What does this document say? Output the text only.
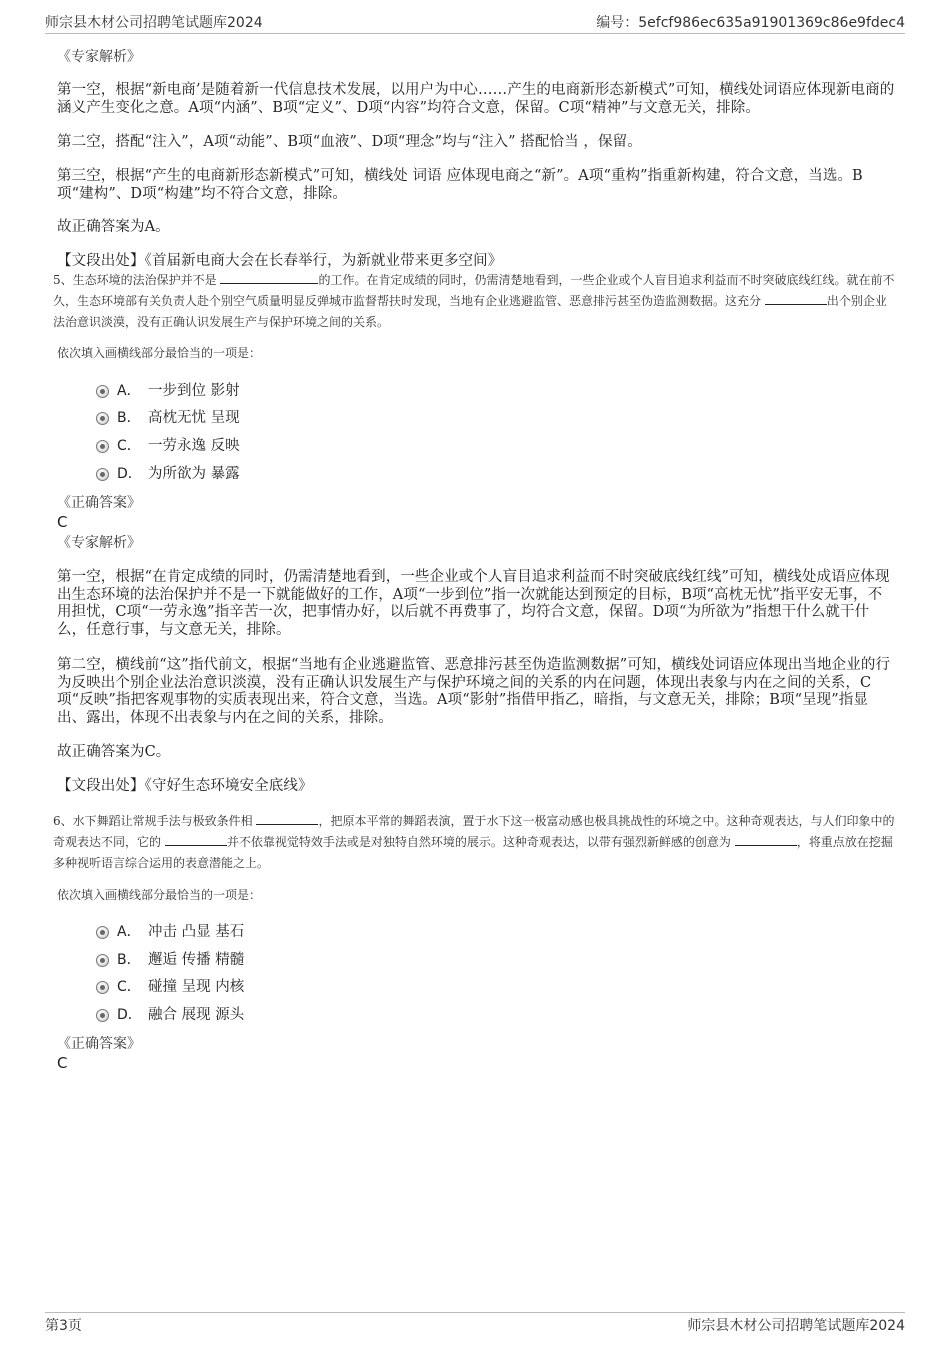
师宗县木材公司招聘笔试题库2024	编号：5efcf986ec635a91901369c86e9fdec4

《专家解析》

第一空，根据“新电商’是随着新一代信息技术发展，以用户为中心……产生的电商新形态新模式”可知，横线处词语应体现新电商的涵义产生变化之意。A项“内涵”、B项“定义”、D项“内容”均符合文意，保留。C项“精神”与文意无关，排除。

第二空，搭配“注入”，A项“动能”、B项“血液”、D项“理念”均与“注入” 搭配恰当 ，保留。

第三空，根据“产生的电商新形态新模式”可知，横线处 词语 应体现电商之“新”。A项“重构”指重新构建，符合文意，当选。B项“建构”、D项“构建”均不符合文意，排除。

故正确答案为A。

【文段出处】《首届新电商大会在长春举行，为新就业带来更多空间》

5、生态环境的法治保护并不是	的工作。在肯定成绩的同时，仍需清楚地看到，一些企业或个人盲目追求利益而不时突破底线红线。就在前不久，生态环境部有关负责人赴个别空气质量明显反弹城市监督帮扶时发现，当地有企业逃避监管、恶意排污甚至伪造监测数据。这充分	出个别企业法治意识淡漠，没有正确认识发展生产与保护环境之间的关系。

依次填入画横线部分最恰当的一项是：

A． 一步到位 影射
B． 高枕无忧 呈现
C． 一劳永逸 反映
D． 为所欲为 暴露

《正确答案》

C

《专家解析》

第一空，根据“在肯定成绩的同时，仍需清楚地看到，一些企业或个人盲目追求利益而不时突破底线红线”可知，横线处成语应体现出生态环境的法治保护并不是一下就能做好的工作，A项“一步到位”指一次就能达到预定的目标，B项“高枕无忧”指平安无事，不用担忧，C项“一劳永逸”指辛苦一次，把事情办好，以后就不再费事了，均符合文意，保留。D项“为所欲为”指想干什么就干什么，任意行事，与文意无关，排除。

第二空，横线前“这”指代前文，根据“当地有企业逃避监管、恶意排污甚至伪造监测数据”可知，横线处词语应体现出当地企业的行为反映出个别企业法治意识淡漠，没有正确认识发展生产与保护环境之间的关系的内在问题，体现出表象与内在之间的关系，C项“反映”指把客观事物的实质表现出来，符合文意，当选。A项“影射”指借甲指乙，暗指，与文意无关，排除；B项“呈现”指显出、露出，体现不出表象与内在之间的关系，排除。

故正确答案为C。

【文段出处】《守好生态环境安全底线》

6、水下舞蹈让常规手法与极致条件相	，把原本平常的舞蹈表演，置于水下这一极富动感也极具挑战性的环境之中。这种奇观表达，与人们印象中的奇观表达不同，它的	并不依靠视觉特效手法或是对独特自然环境的展示。这种奇观表达，以带有强烈新鲜感的创意为	，将重点放在挖掘多种视听语言综合运用的表意潜能之上。

依次填入画横线部分最恰当的一项是：

A． 冲击 凸显 基石
B． 邂逅 传播 精髓
C． 碰撞 呈现 内核
D． 融合 展现 源头

《正确答案》

C

第3页	师宗县木材公司招聘笔试题库2024
